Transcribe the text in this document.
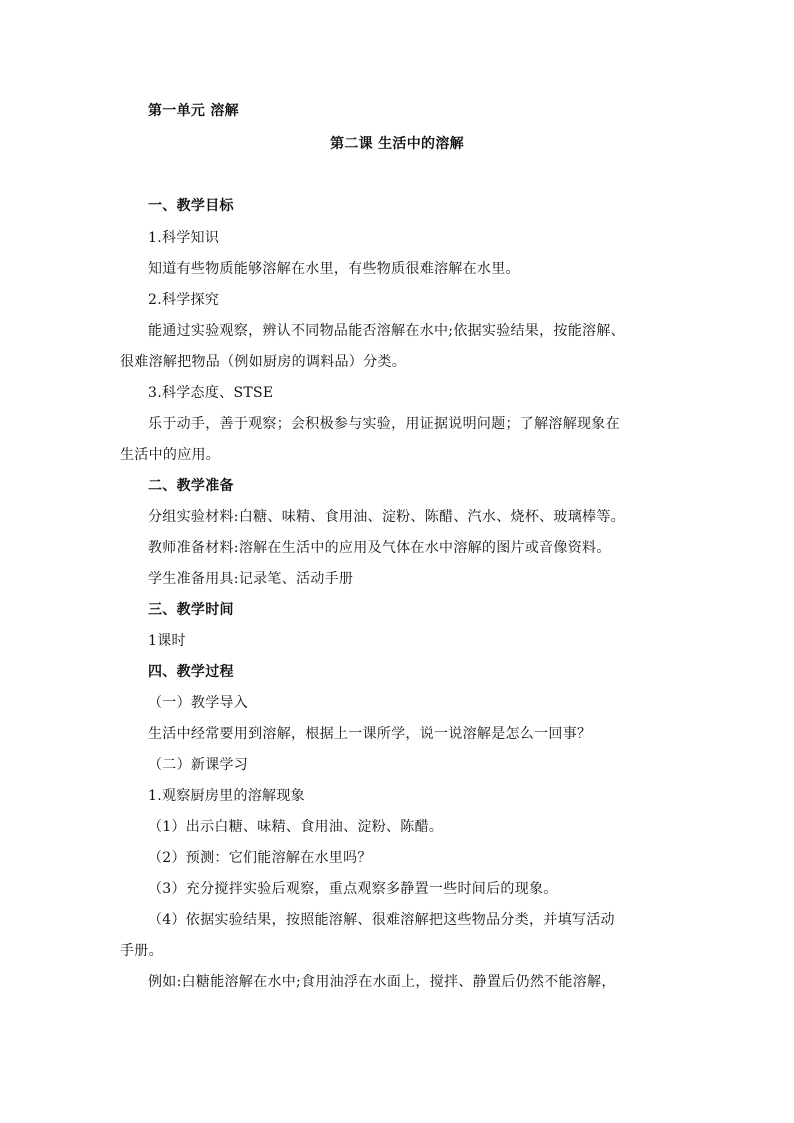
第一单元 溶解
第二课 生活中的溶解
一、教学目标
1.科学知识
知道有些物质能够溶解在水里，有些物质很难溶解在水里。
2.科学探究
能通过实验观察，辨认不同物品能否溶解在水中;依据实验结果，按能溶解、
很难溶解把物品（例如厨房的调料品）分类。
3.科学态度、STSE
乐于动手，善于观察；会积极参与实验，用证据说明问题；了解溶解现象在
生活中的应用。
二、教学准备
分组实验材料:白糖、味精、食用油、淀粉、陈醋、汽水、烧杯、玻璃棒等。
教师准备材料:溶解在生活中的应用及气体在水中溶解的图片或音像资料。
学生准备用具:记录笔、活动手册
三、教学时间
1课时
四、教学过程
（一）教学导入
生活中经常要用到溶解，根据上一课所学，说一说溶解是怎么一回事？
（二）新课学习
1.观察厨房里的溶解现象
（1）出示白糖、味精、食用油、淀粉、陈醋。
（2）预测：它们能溶解在水里吗？
（3）充分搅拌实验后观察，重点观察多静置一些时间后的现象。
（4）依据实验结果，按照能溶解、很难溶解把这些物品分类，并填写活动
手册。
例如:白糖能溶解在水中;食用油浮在水面上，搅拌、静置后仍然不能溶解，
